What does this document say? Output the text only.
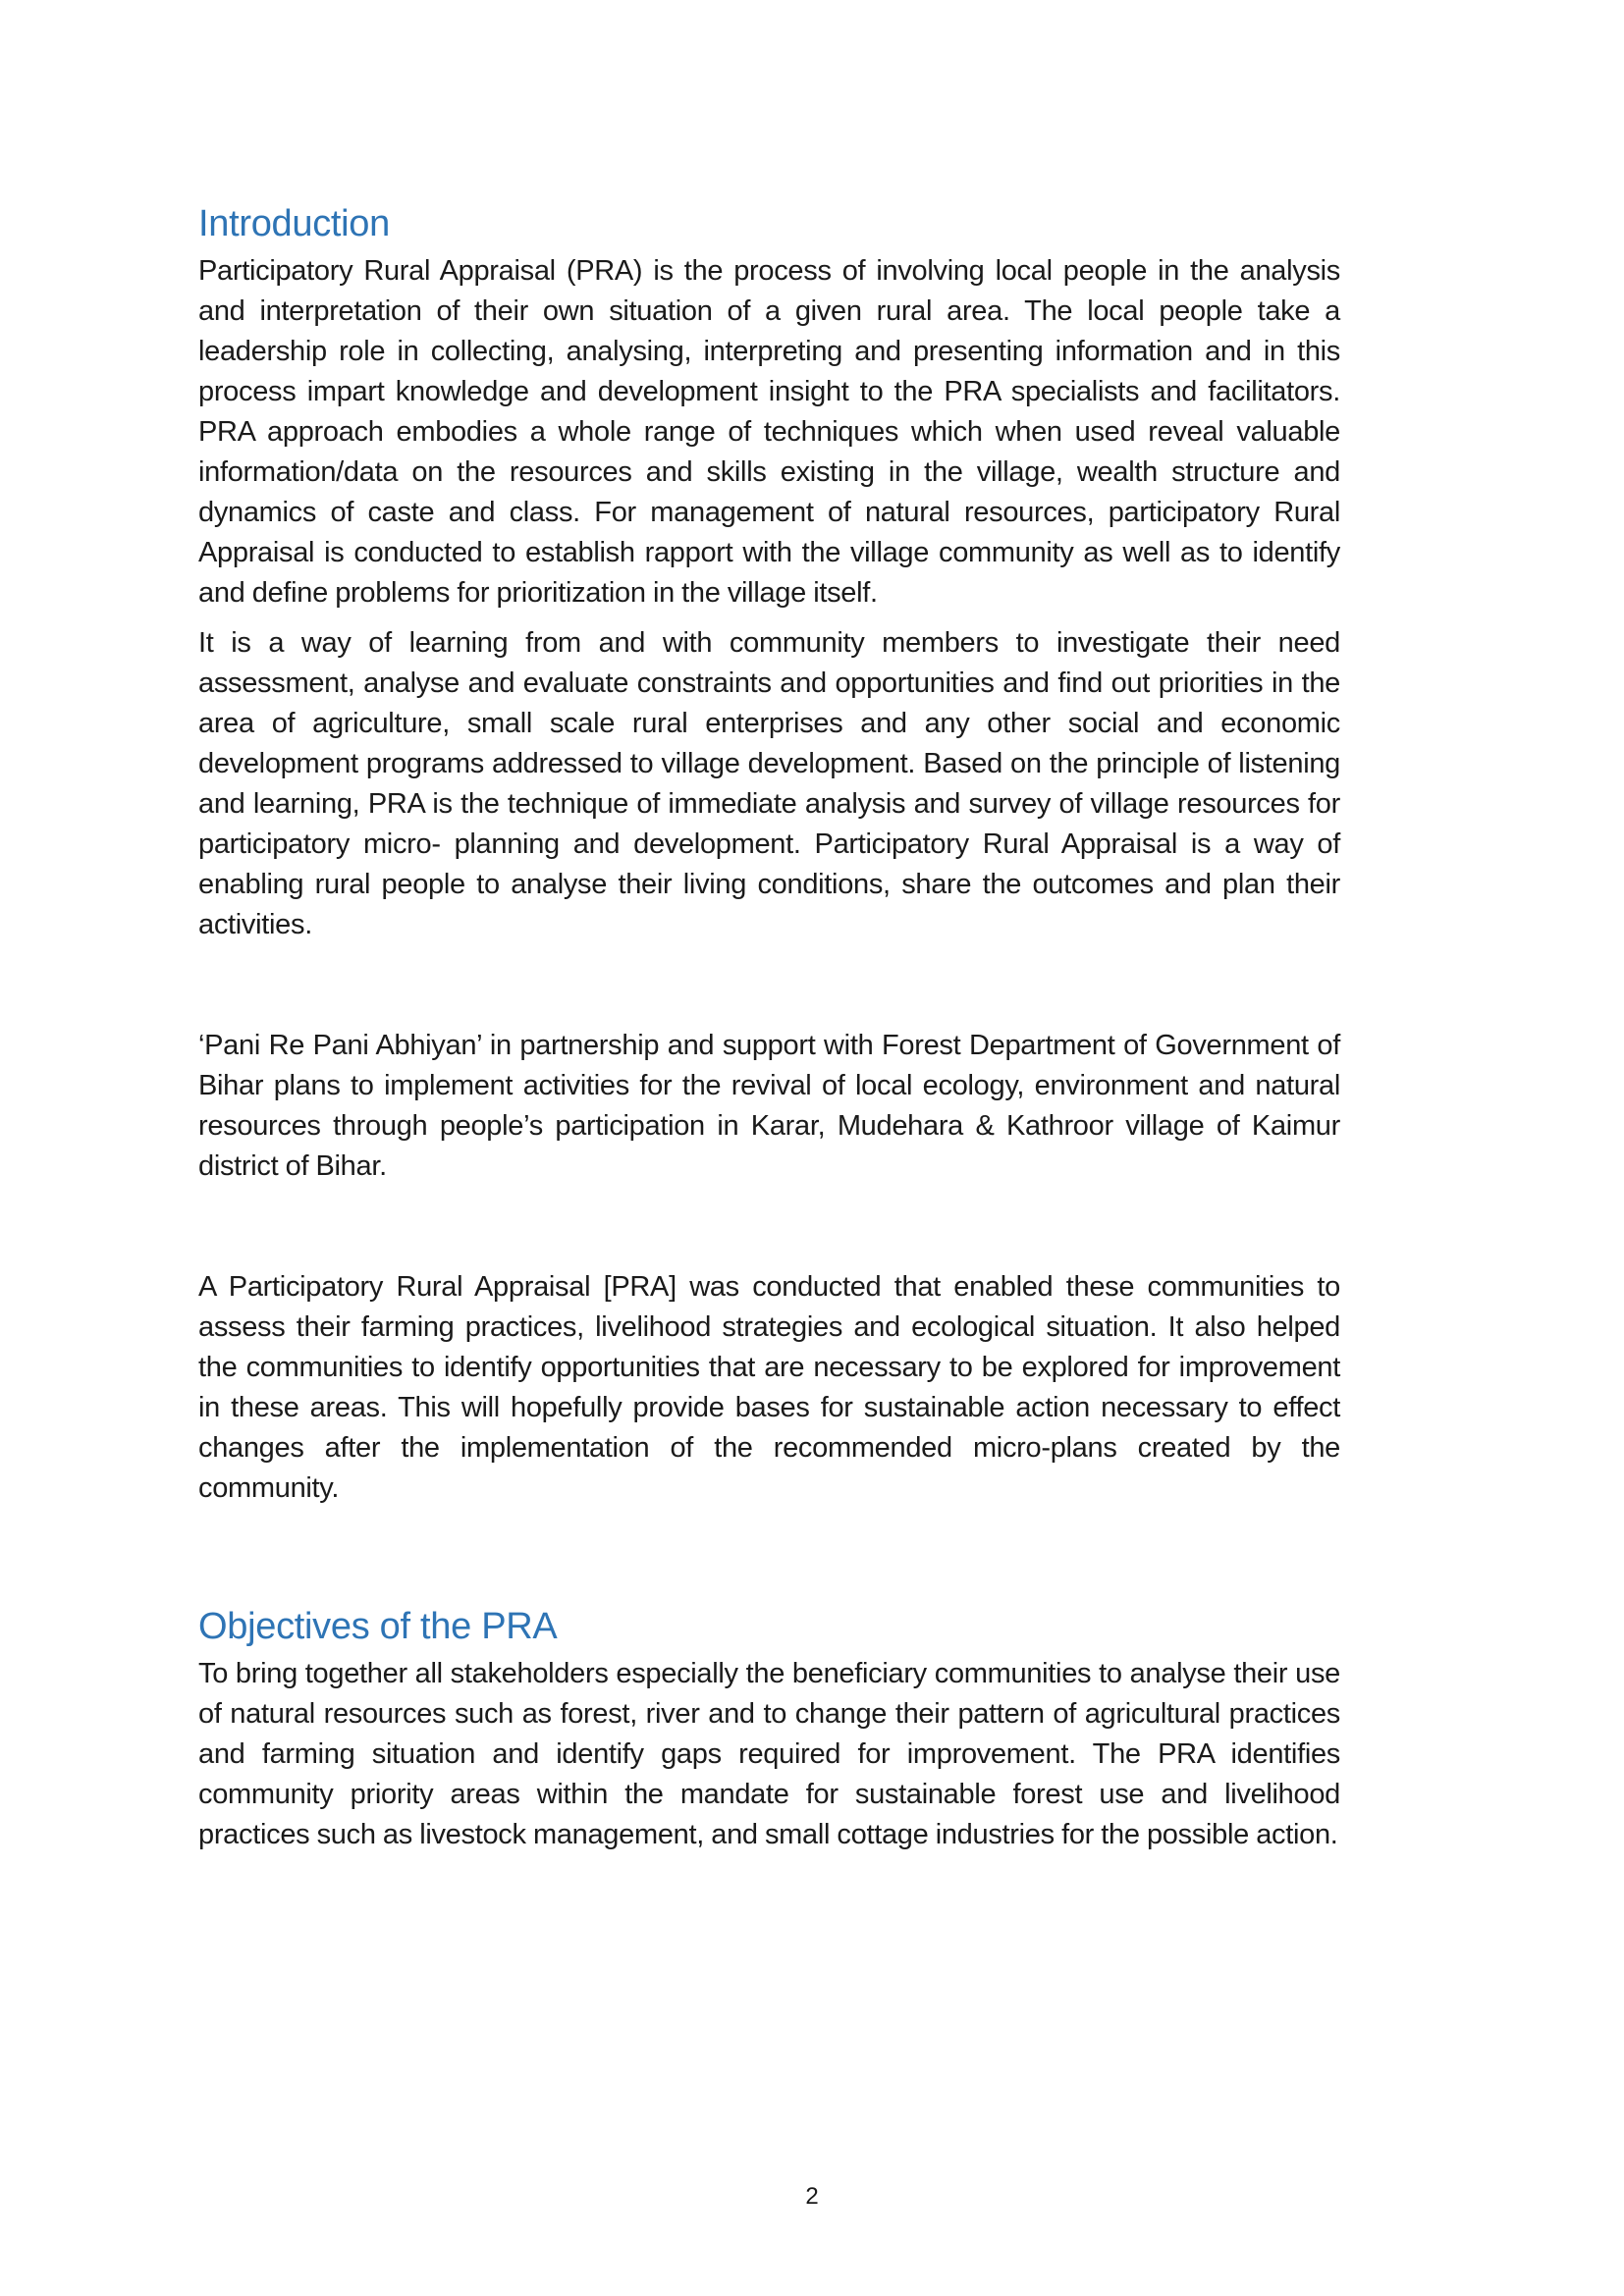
Introduction

Participatory Rural Appraisal (PRA) is the process of involving local people in the analysis and interpretation of their own situation of a given rural area. The local people take a leadership role in collecting, analysing, interpreting and presenting information and in this process impart knowledge and development insight to the PRA specialists and facilitators. PRA approach embodies a whole range of techniques which when used reveal valuable information/data on the resources and skills existing in the village, wealth structure and dynamics of caste and class. For management of natural resources, participatory Rural Appraisal is conducted to establish rapport with the village community as well as to identify and define problems for prioritization in the village itself.

It is a way of learning from and with community members to investigate their need assessment, analyse and evaluate constraints and opportunities and find out priorities in the area of agriculture, small scale rural enterprises and any other social and economic development programs addressed to village development. Based on the principle of listening and learning, PRA is the technique of immediate analysis and survey of village resources for participatory micro- planning and development. Participatory Rural Appraisal is a way of enabling rural people to analyse their living conditions, share the outcomes and plan their activities.

‘Pani Re Pani Abhiyan’ in partnership and support with Forest Department of Government of Bihar plans to implement activities for the revival of local ecology, environment and natural resources through people’s participation in Karar, Mudehara & Kathroor village of Kaimur district of Bihar.

A Participatory Rural Appraisal [PRA] was conducted that enabled these communities to assess their farming practices, livelihood strategies and ecological situation. It also helped the communities to identify opportunities that are necessary to be explored for improvement in these areas. This will hopefully provide bases for sustainable action necessary to effect changes after the implementation of the recommended micro-plans created by the community.

Objectives of the PRA

To bring together all stakeholders especially the beneficiary communities to analyse their use of natural resources such as forest, river and to change their pattern of agricultural practices and farming situation and identify gaps required for improvement. The PRA identifies community priority areas within the mandate for sustainable forest use and livelihood practices such as livestock management, and small cottage industries for the possible action.

2
